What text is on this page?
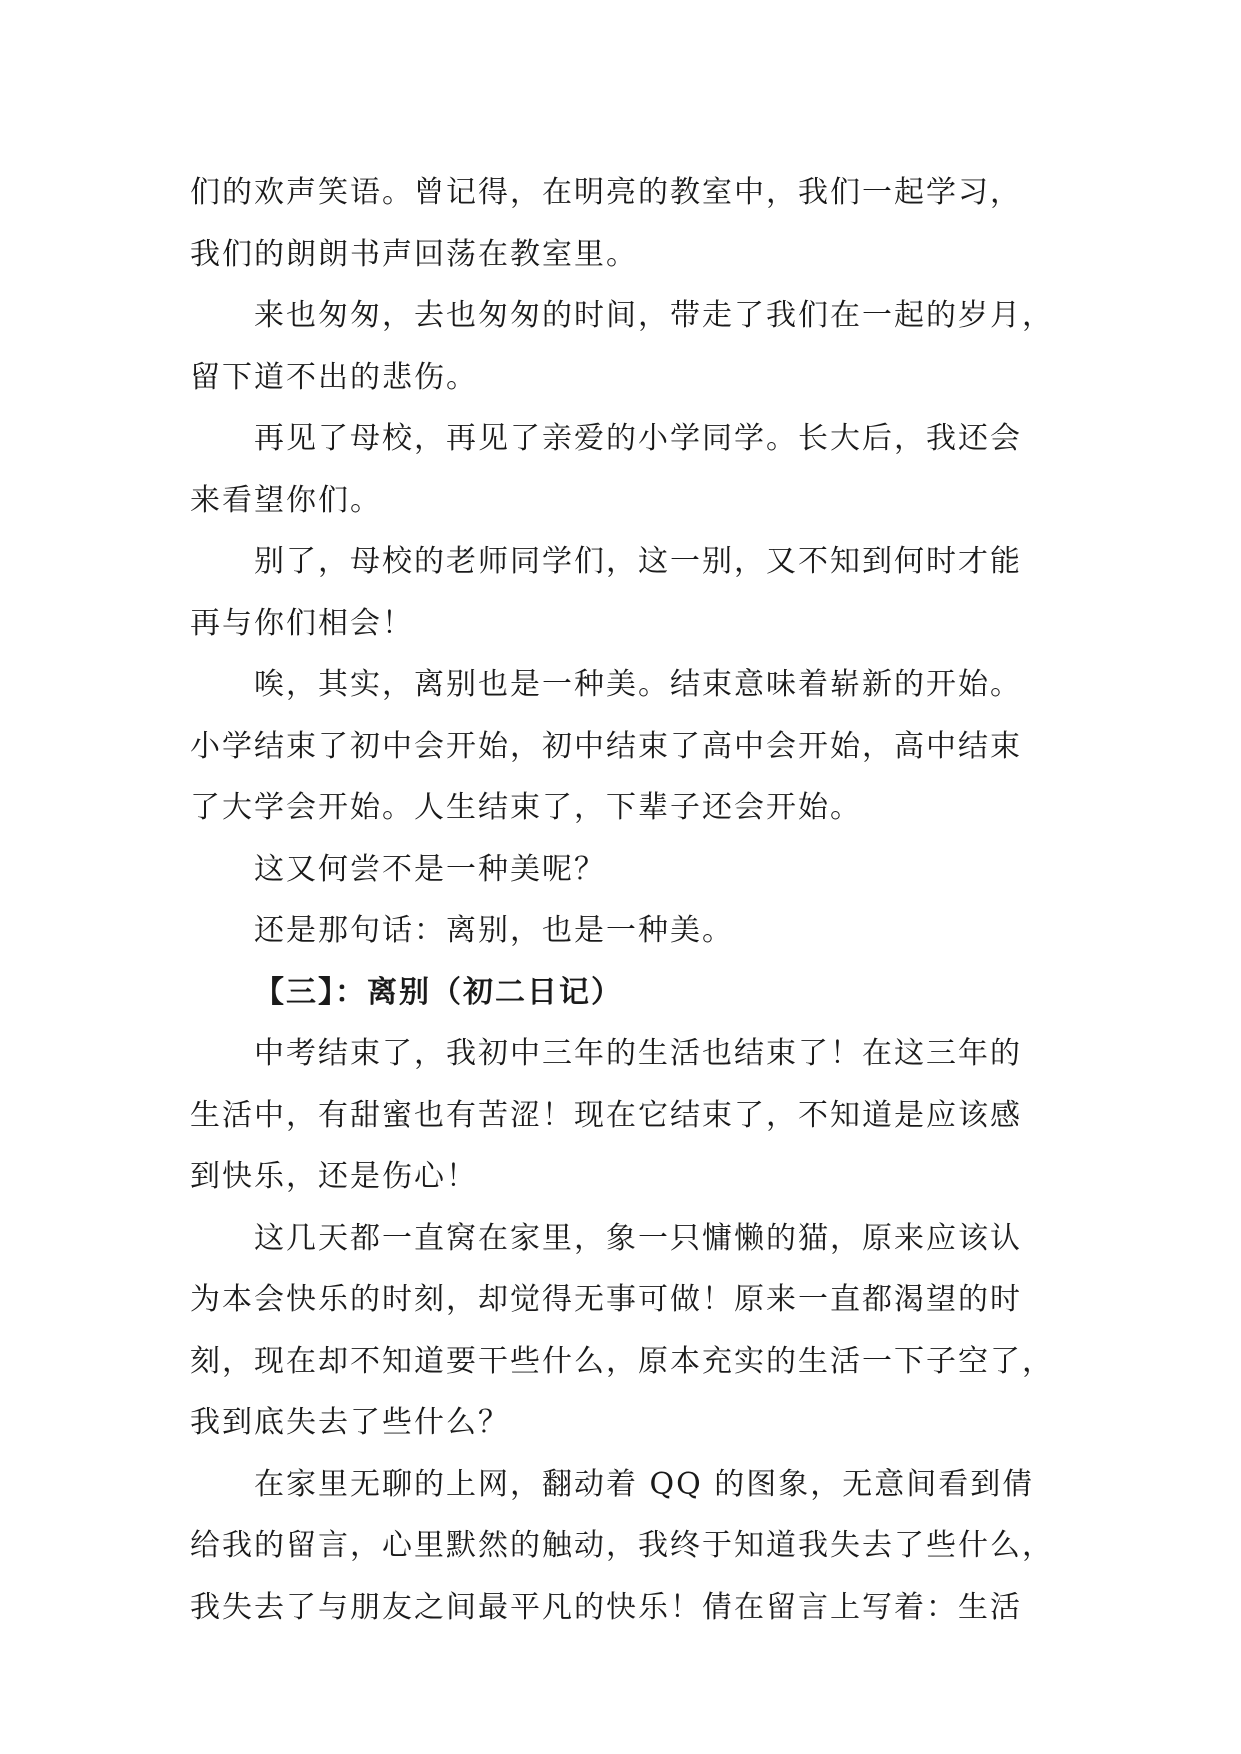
们的欢声笑语。曾记得，在明亮的教室中，我们一起学习，
我们的朗朗书声回荡在教室里。
来也匆匆，去也匆匆的时间，带走了我们在一起的岁月，
留下道不出的悲伤。
再见了母校，再见了亲爱的小学同学。长大后，我还会
来看望你们。
别了，母校的老师同学们，这一别，又不知到何时才能
再与你们相会！
唉，其实，离别也是一种美。结束意味着崭新的开始。
小学结束了初中会开始，初中结束了高中会开始，高中结束
了大学会开始。人生结束了，下辈子还会开始。
这又何尝不是一种美呢？
还是那句话：离别，也是一种美。
【三】：离别（初二日记）
中考结束了，我初中三年的生活也结束了！在这三年的
生活中，有甜蜜也有苦涩！现在它结束了，不知道是应该感
到快乐，还是伤心！
这几天都一直窝在家里，象一只慵懒的猫，原来应该认
为本会快乐的时刻，却觉得无事可做！原来一直都渴望的时
刻，现在却不知道要干些什么，原本充实的生活一下子空了，
我到底失去了些什么？
在家里无聊的上网，翻动着 QQ 的图象，无意间看到倩
给我的留言，心里默然的触动，我终于知道我失去了些什么，
我失去了与朋友之间最平凡的快乐！倩在留言上写着：生活
